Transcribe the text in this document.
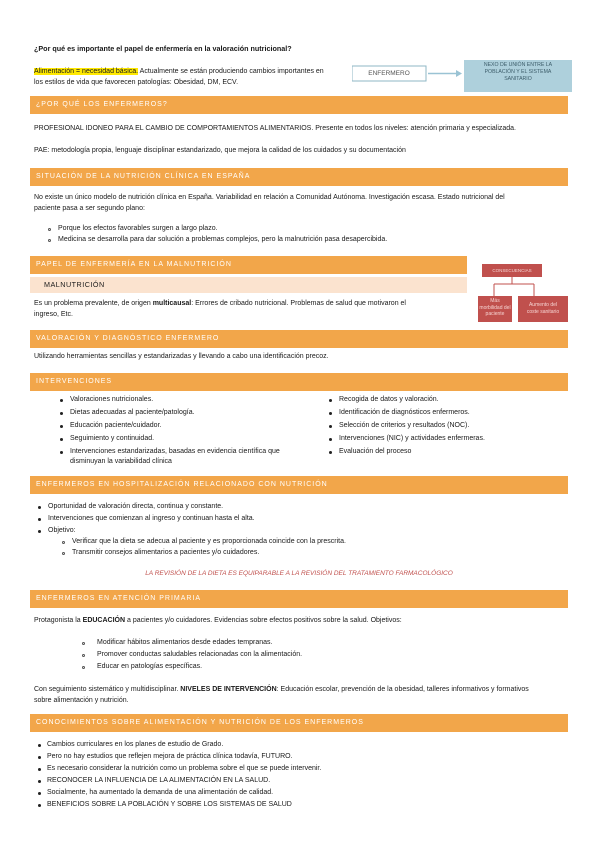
¿Por qué es importante el papel de enfermería en la valoración nutricional?
Alimentación = necesidad básica. Actualmente se están produciendo cambios importantes en
los estilos de vida que favorecen patologías: Obesidad, DM, ECV.
ENFERMERO
NEXO DE UNIÓN ENTRE LA
POBLACIÓN Y EL SISTEMA
SANITARIO
¿POR QUÉ LOS ENFERMEROS?
PROFESIONAL IDONEO PARA EL CAMBIO DE COMPORTAMIENTOS ALIMENTARIOS. Presente en todos los niveles: atención primaria y especializada.
PAE: metodología propia, lenguaje disciplinar estandarizado, que mejora la calidad de los cuidados y su documentación
SITUACIÓN DE LA NUTRICIÓN CLÍNICA EN ESPAÑA
No existe un único modelo de nutrición clínica en España. Variabilidad en relación a Comunidad Autónoma. Investigación escasa. Estado nutricional del
paciente pasa a ser segundo plano:
Porque los efectos favorables surgen a largo plazo.
Medicina se desarrolla para dar solución a problemas complejos, pero la malnutrición pasa desapercibida.
PAPEL DE ENFERMERÍA EN LA MALNUTRICIÓN
MALNUTRICIÓN
Es un problema prevalente, de origen multicausal: Errores de cribado nutricional. Problemas de salud que motivaron el
ingreso, Etc.
CONSECUENCIAS
Más
morbilidad del
paciente
Aumento del
coste sanitario
VALORACIÓN Y DIAGNÓSTICO ENFERMERO
Utilizando herramientas sencillas y estandarizadas y llevando a cabo una identificación precoz.
INTERVENCIONES
Valoraciones nutricionales.
Dietas adecuadas al paciente/patología.
Educación paciente/cuidador.
Seguimiento y continuidad.
Intervenciones estandarizadas, basadas en evidencia científica que
disminuyan la variabilidad clínica
Recogida de datos y valoración.
Identificación de diagnósticos enfermeros.
Selección de criterios y resultados (NOC).
Intervenciones (NIC) y actividades enfermeras.
Evaluación del proceso
ENFERMEROS EN HOSPITALIZACIÓN RELACIONADO CON NUTRICIÓN
Oportunidad de valoración directa, continua y constante.
Intervenciones que comienzan al ingreso y continuan hasta el alta.
Objetivo:
Verificar que la dieta se adecua al paciente y es proporcionada coincide con la prescrita.
Transmitir consejos alimentarios a pacientes y/o cuidadores.
LA REVISIÓN DE LA DIETA ES EQUIPARABLE A LA REVISIÓN DEL TRATAMIENTO FARMACOLÓGICO
ENFERMEROS EN ATENCIÓN PRIMARIA
Protagonista la EDUCACIÓN a pacientes y/o cuidadores. Evidencias sobre efectos positivos sobre la salud. Objetivos:
Modificar hábitos alimentarios desde edades tempranas.
Promover conductas saludables relacionadas con la alimentación.
Educar en patologías específicas.
Con seguimiento sistemático y multidisciplinar. NIVELES DE INTERVENCIÓN: Educación escolar, prevención de la obesidad, talleres informativos y formativos
sobre alimentación y nutrición.
CONOCIMIENTOS SOBRE ALIMENTACIÓN Y NUTRICIÓN DE LOS ENFERMEROS
Cambios curriculares en los planes de estudio de Grado.
Pero no hay estudios que reflejen mejora de práctica clínica todavía, FUTURO.
Es necesario considerar la nutrición como un problema sobre el que se puede intervenir.
RECONOCER LA INFLUENCIA DE LA ALIMENTACIÓN EN LA SALUD.
Socialmente, ha aumentado la demanda de una alimentación de calidad.
BENEFICIOS SOBRE LA POBLACIÓN Y SOBRE LOS SISTEMAS DE SALUD
